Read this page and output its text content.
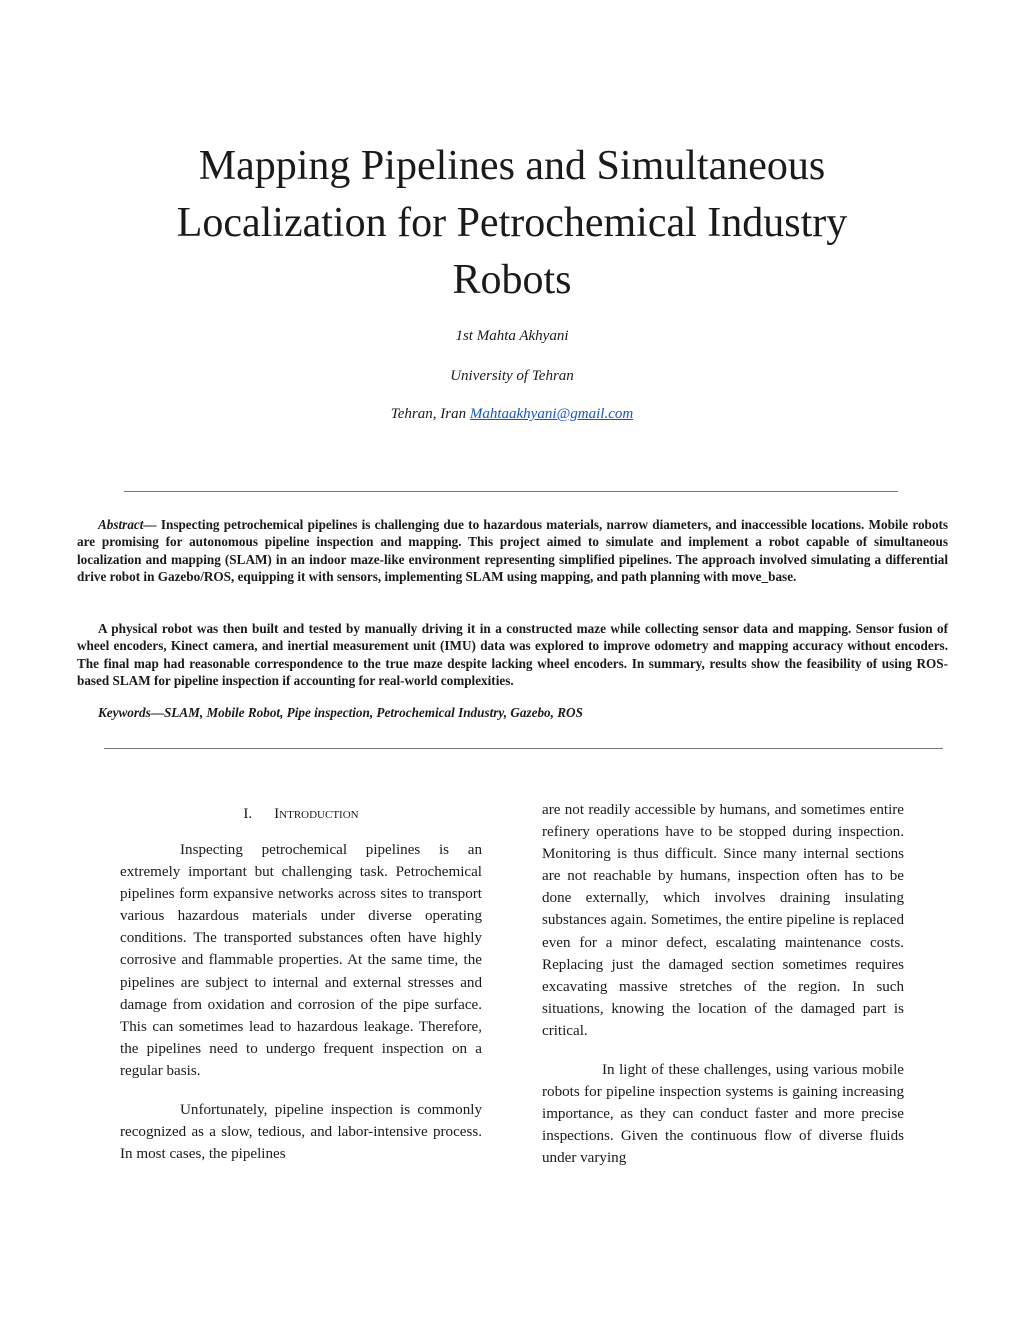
Mapping Pipelines and Simultaneous Localization for Petrochemical Industry Robots

1st Mahta Akhyani

University of Tehran

Tehran, Iran Mahtaakhyani@gmail.com

Abstract— Inspecting petrochemical pipelines is challenging due to hazardous materials, narrow diameters, and inaccessible locations. Mobile robots are promising for autonomous pipeline inspection and mapping. This project aimed to simulate and implement a robot capable of simultaneous localization and mapping (SLAM) in an indoor maze-like environment representing simplified pipelines. The approach involved simulating a differential drive robot in Gazebo/ROS, equipping it with sensors, implementing SLAM using mapping, and path planning with move_base.

A physical robot was then built and tested by manually driving it in a constructed maze while collecting sensor data and mapping. Sensor fusion of wheel encoders, Kinect camera, and inertial measurement unit (IMU) data was explored to improve odometry and mapping accuracy without encoders. The final map had reasonable correspondence to the true maze despite lacking wheel encoders. In summary, results show the feasibility of using ROS-based SLAM for pipeline inspection if accounting for real-world complexities.

Keywords—SLAM, Mobile Robot, Pipe inspection, Petrochemical Industry, Gazebo, ROS

I. Introduction

Inspecting petrochemical pipelines is an extremely important but challenging task. Petrochemical pipelines form expansive networks across sites to transport various hazardous materials under diverse operating conditions. The transported substances often have highly corrosive and flammable properties. At the same time, the pipelines are subject to internal and external stresses and damage from oxidation and corrosion of the pipe surface. This can sometimes lead to hazardous leakage. Therefore, the pipelines need to undergo frequent inspection on a regular basis.

Unfortunately, pipeline inspection is commonly recognized as a slow, tedious, and labor-intensive process. In most cases, the pipelines

are not readily accessible by humans, and sometimes entire refinery operations have to be stopped during inspection. Monitoring is thus difficult. Since many internal sections are not reachable by humans, inspection often has to be done externally, which involves draining insulating substances again. Sometimes, the entire pipeline is replaced even for a minor defect, escalating maintenance costs. Replacing just the damaged section sometimes requires excavating massive stretches of the region. In such situations, knowing the location of the damaged part is critical.

In light of these challenges, using various mobile robots for pipeline inspection systems is gaining increasing importance, as they can conduct faster and more precise inspections. Given the continuous flow of diverse fluids under varying
